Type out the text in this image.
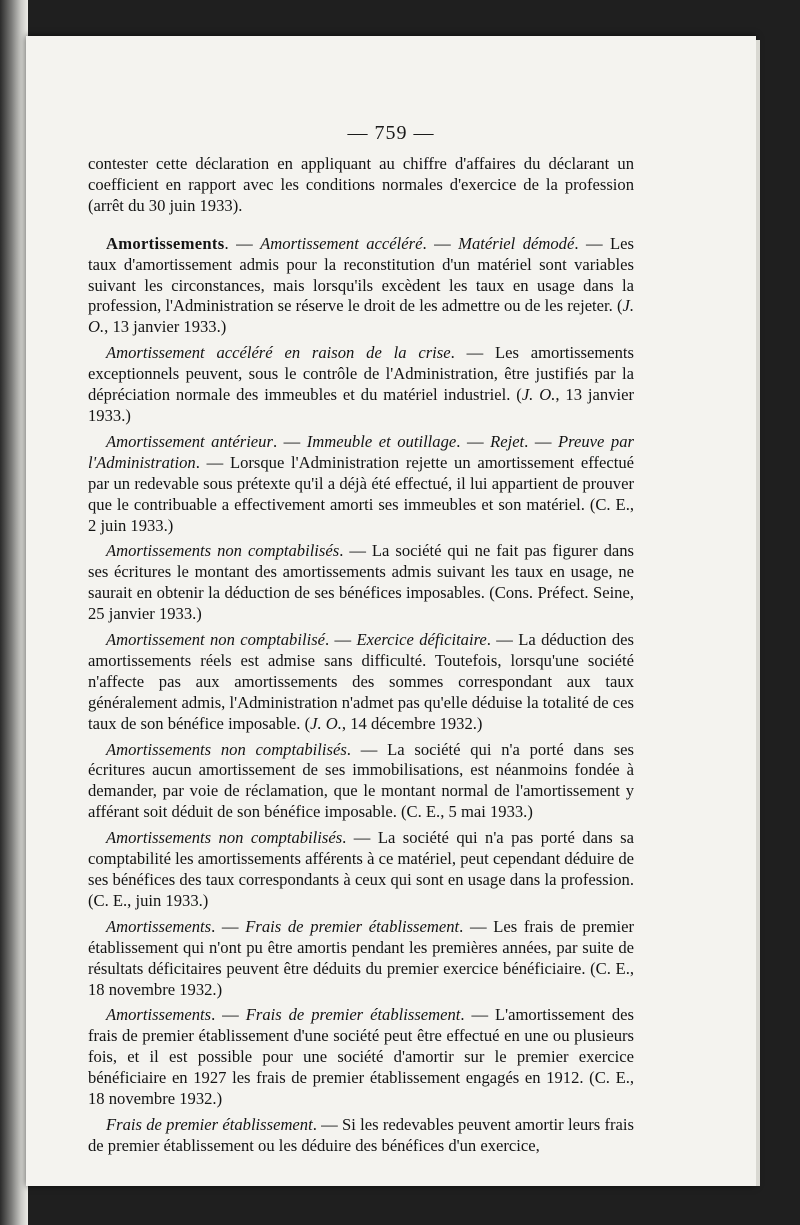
— 759 —

contester cette déclaration en appliquant au chiffre d'affaires du déclarant un coefficient en rapport avec les conditions normales d'exercice de la profession (arrêt du 30 juin 1933).

Amortissements. — Amortissement accéléré. — Matériel démodé. — Les taux d'amortissement admis pour la reconstitution d'un matériel sont variables suivant les circonstances, mais lorsqu'ils excèdent les taux en usage dans la profession, l'Administration se réserve le droit de les admettre ou de les rejeter. (J. O., 13 janvier 1933.)

Amortissement accéléré en raison de la crise. — Les amortissements exceptionnels peuvent, sous le contrôle de l'Administration, être justifiés par la dépréciation normale des immeubles et du matériel industriel. (J. O., 13 janvier 1933.)

Amortissement antérieur. — Immeuble et outillage. — Rejet. — Preuve par l'Administration. — Lorsque l'Administration rejette un amortissement effectué par un redevable sous prétexte qu'il a déjà été effectué, il lui appartient de prouver que le contribuable a effectivement amorti ses immeubles et son matériel. (C. E., 2 juin 1933.)

Amortissements non comptabilisés. — La société qui ne fait pas figurer dans ses écritures le montant des amortissements admis suivant les taux en usage, ne saurait en obtenir la déduction de ses bénéfices imposables. (Cons. Préfect. Seine, 25 janvier 1933.)

Amortissement non comptabilisé. — Exercice déficitaire. — La déduction des amortissements réels est admise sans difficulté. Toutefois, lorsqu'une société n'affecte pas aux amortissements des sommes correspondant aux taux généralement admis, l'Administration n'admet pas qu'elle déduise la totalité de ces taux de son bénéfice imposable. (J. O., 14 décembre 1932.)

Amortissements non comptabilisés. — La société qui n'a porté dans ses écritures aucun amortissement de ses immobilisations, est néanmoins fondée à demander, par voie de réclamation, que le montant normal de l'amortissement y afférant soit déduit de son bénéfice imposable. (C. E., 5 mai 1933.)

Amortissements non comptabilisés. — La société qui n'a pas porté dans sa comptabilité les amortissements afférents à ce matériel, peut cependant déduire de ses bénéfices des taux correspondants à ceux qui sont en usage dans la profession. (C. E., juin 1933.)

Amortissements. — Frais de premier établissement. — Les frais de premier établissement qui n'ont pu être amortis pendant les premières années, par suite de résultats déficitaires peuvent être déduits du premier exercice bénéficiaire. (C. E., 18 novembre 1932.)

Amortissements. — Frais de premier établissement. — L'amortissement des frais de premier établissement d'une société peut être effectué en une ou plusieurs fois, et il est possible pour une société d'amortir sur le premier exercice bénéficiaire en 1927 les frais de premier établissement engagés en 1912. (C. E., 18 novembre 1932.)

Frais de premier établissement. — Si les redevables peuvent amortir leurs frais de premier établissement ou les déduire des bénéfices d'un exercice,
